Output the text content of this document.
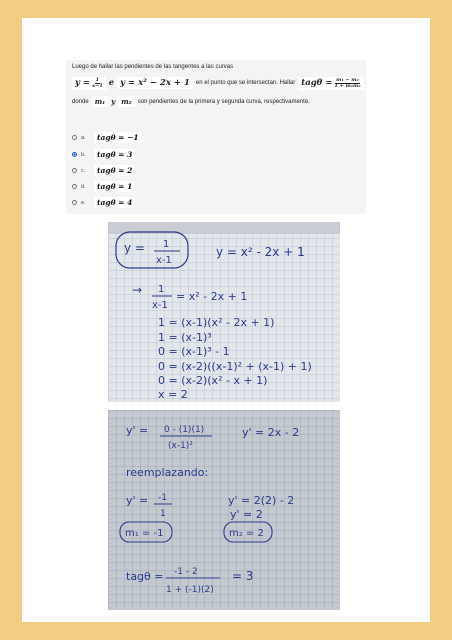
Luego de hallar las pendientes de las tangentes a las curvas
$y = \frac{1}{x-1}$ e y = x² − 2x + 1	en el punto que se intersectan. Hallar $tag\theta = \frac{\text{m₁ − m₂}}{\text{1 + m₁m₂}}$
donde m₁ y m₂	son pendientes de la primera y segunda curva, respectivamente.
a.	tagθ = −1
b.	tagθ = 3
c.	tagθ = 2
d.	tagθ = 1
e.	tagθ = 4
y = 1
x-1
y = x² - 2x + 1
→ 1
x-1
= x² - 2x + 1
1 = (x-1)(x² - 2x + 1)
1 = (x-1)³
0 = (x-1)³ - 1
0 = (x-2)((x-1)² + (x-1) + 1)
0 = (x-2)(x² - x + 1)
x = 2
y' = 0 - (1)(1)
(x-1)²
y' = 2x - 2
reemplazando:
y' = -1
1
y' = 2(2) - 2
y' = 2
m₁ = -1	m₂ = 2
tagθ = -1 - 2
1 + (-1)(2)
= 3
